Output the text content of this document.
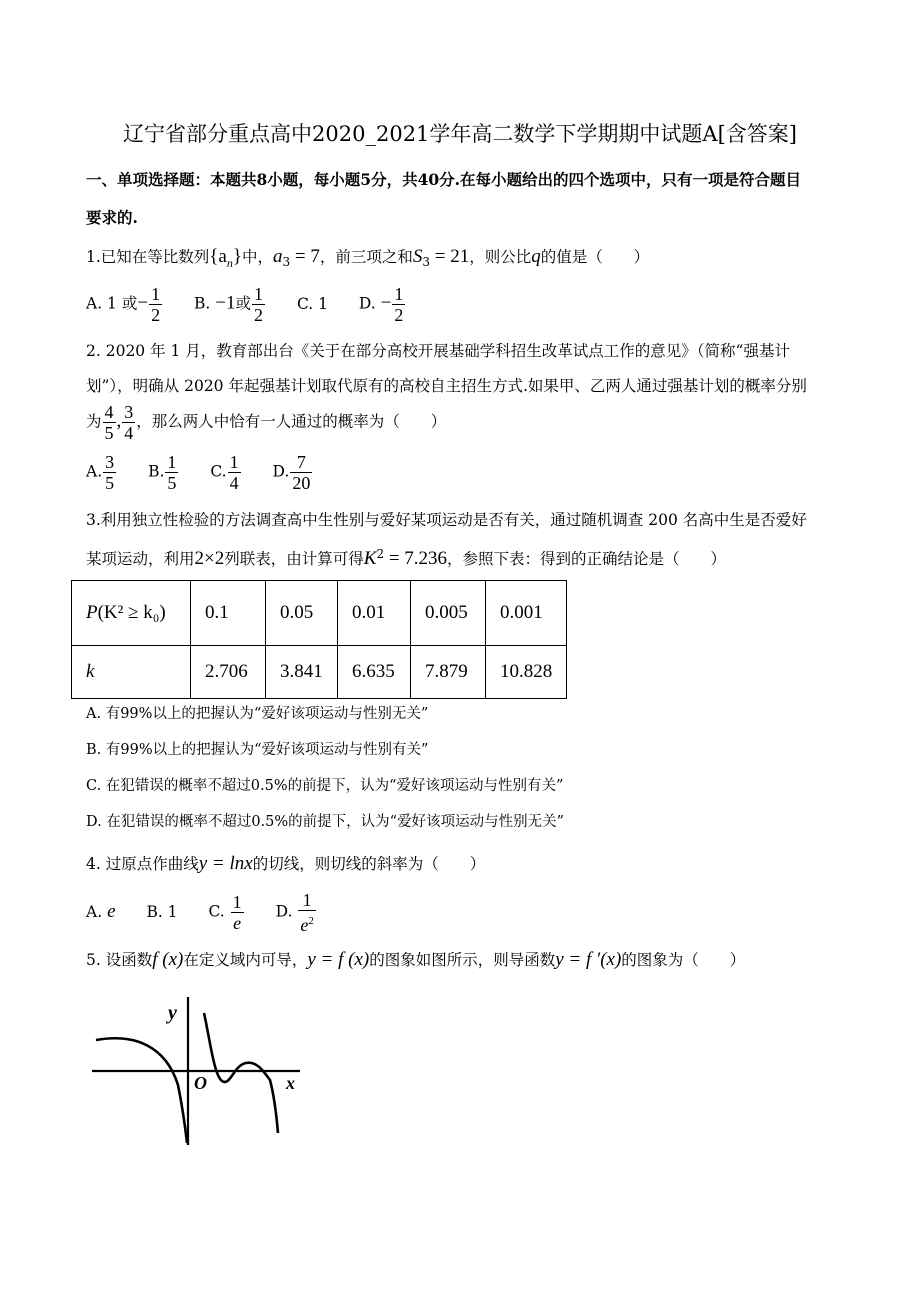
辽宁省部分重点高中2020_2021学年高二数学下学期期中试题A[含答案]
一、单项选择题：本题共8小题，每小题5分，共40分.在每小题给出的四个选项中，只有一项是符合题目
要求的.
1.已知在等比数列$\{a_n\}$中，$a_3 = 7$，前三项之和$S_3 = 21$，则公比q的值是（　　）
A. 1 或− $\frac{1}{2} B$. −1或 $\frac{1}{2} C$. 1 D. − $\frac{1}{2}$
2. 2020 年 1 月，教育部出台《关于在部分高校开展基础学科招生改革试点工作的意见》（简称“强基计
划”），明确从 2020 年起强基计划取代原有的高校自主招生方式.如果甲、乙两人通过强基计划的概率分别
为 $\frac{4}{5}$ , $\frac{3}{4}$ ，那么两人中恰有一人通过的概率为（　　）
A. $\frac{3}{5} B$. $\frac{1}{5} C$. $\frac{1}{4} D$. $\frac{7}{20}$
3.利用独立性检验的方法调查高中生性别与爱好某项运动是否有关，通过随机调查 200 名高中生是否爱好
某项运动，利用2×2列联表，由计算可得$K^2 = 7.236$，参照下表：得到的正确结论是（　　）
P(K² ≥ k₀)	0.1	0.05	0.01	0.005	0.001
k	2.706	3.841	6.635	7.879	10.828
A. 有99%以上的把握认为“爱好该项运动与性别无关”
B. 有99%以上的把握认为“爱好该项运动与性别有关”
C. 在犯错误的概率不超过0.5%的前提下，认为“爱好该项运动与性别有关”
D. 在犯错误的概率不超过0.5%的前提下，认为“爱好该项运动与性别无关”
4. 过原点作曲线y = lnx的切线，则切线的斜率为（　　）
A. e B. 1 C. $\frac{1}{e} D$. $\frac{1}{e^2}$
5. 设函数f (x)在定义域内可导，y = f (x)的图象如图所示，则导函数y = f ′(x)的图象为（　　）
y
O	x
